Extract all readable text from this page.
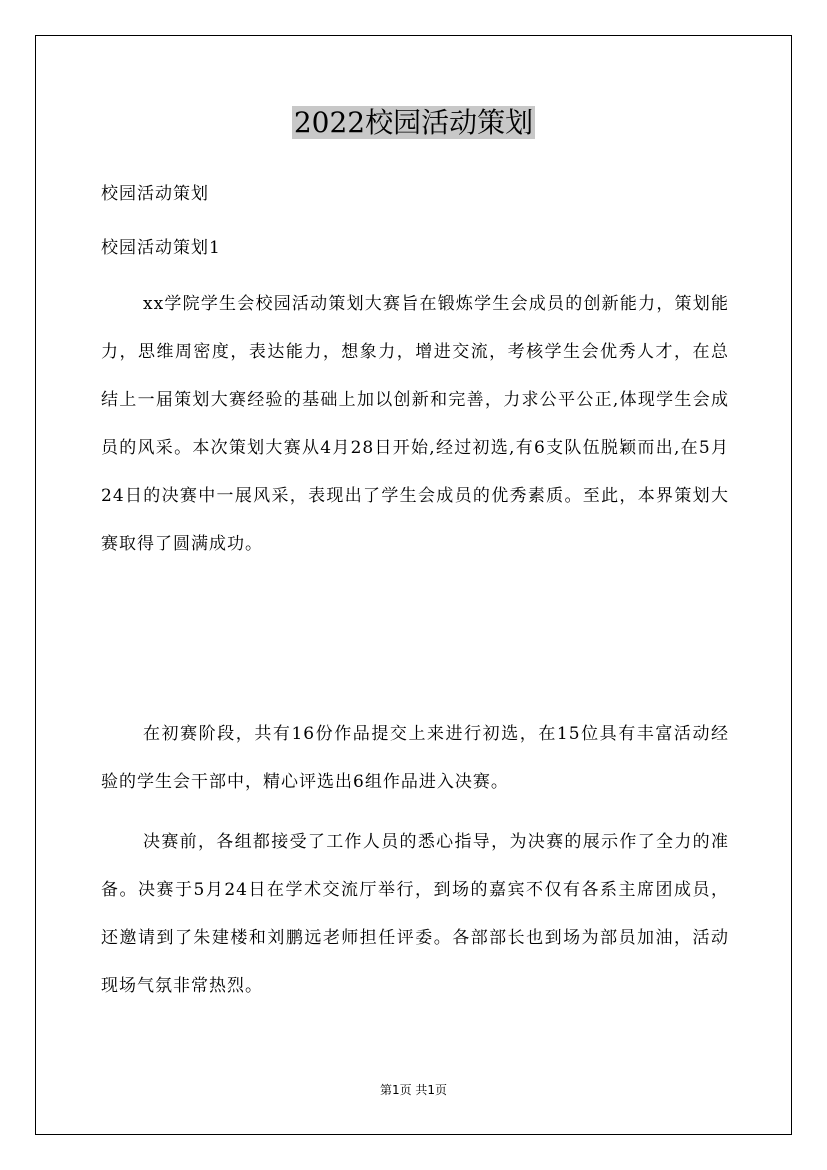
2022校园活动策划

校园活动策划

校园活动策划1

xx学院学生会校园活动策划大赛旨在锻炼学生会成员的创新能力，策划能力，思维周密度，表达能力，想象力，增进交流，考核学生会优秀人才，在总结上一届策划大赛经验的基础上加以创新和完善，力求公平公正,体现学生会成员的风采。本次策划大赛从4月28日开始,经过初选,有6支队伍脱颖而出,在5月24日的决赛中一展风采，表现出了学生会成员的优秀素质。至此，本界策划大赛取得了圆满成功。

在初赛阶段，共有16份作品提交上来进行初选，在15位具有丰富活动经验的学生会干部中，精心评选出6组作品进入决赛。

决赛前，各组都接受了工作人员的悉心指导，为决赛的展示作了全力的准备。决赛于5月24日在学术交流厅举行，到场的嘉宾不仅有各系主席团成员，还邀请到了朱建楼和刘鹏远老师担任评委。各部部长也到场为部员加油，活动现场气氛非常热烈。

第1页 共1页
